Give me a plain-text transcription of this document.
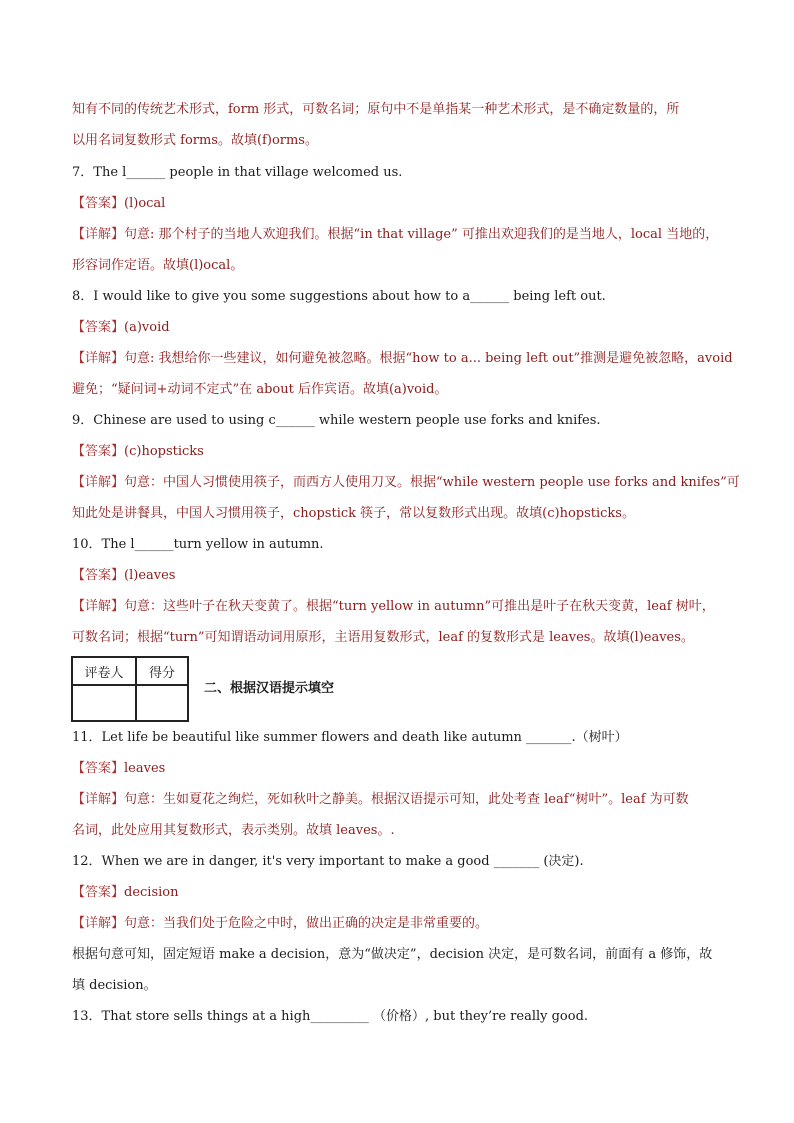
知有不同的传统艺术形式，form 形式，可数名词；原句中不是单指某一种艺术形式，是不确定数量的，所
以用名词复数形式 forms。故填(f)orms。
7．The l______ people in that village welcomed us.
【答案】(l)ocal
【详解】句意: 那个村子的当地人欢迎我们。根据“in that village” 可推出欢迎我们的是当地人，local 当地的，
形容词作定语。故填(l)ocal。
8．I would like to give you some suggestions about how to a______ being left out.
【答案】(a)void
【详解】句意: 我想给你一些建议，如何避免被忽略。根据“how to a... being left out”推测是避免被忽略，avoid
避免；“疑问词+动词不定式”在 about 后作宾语。故填(a)void。
9．Chinese are used to using c______ while western people use forks and knifes.
【答案】(c)hopsticks
【详解】句意：中国人习惯使用筷子，而西方人使用刀叉。根据“while western people use forks and knifes”可
知此处是讲餐具，中国人习惯用筷子，chopstick 筷子，常以复数形式出现。故填(c)hopsticks。
10．The l______turn yellow in autumn.
【答案】(l)eaves
【详解】句意：这些叶子在秋天变黄了。根据“turn yellow in autumn”可推出是叶子在秋天变黄，leaf 树叶，
可数名词；根据“turn”可知谓语动词用原形，主语用复数形式，leaf 的复数形式是 leaves。故填(l)eaves。
评卷人	得分

二、根据汉语提示填空
11．Let life be beautiful like summer flowers and death like autumn _______.（树叶）
【答案】leaves
【详解】句意：生如夏花之绚烂，死如秋叶之静美。根据汉语提示可知，此处考查 leaf“树叶”。leaf 为可数
名词，此处应用其复数形式，表示类别。故填 leaves。.
12．When we are in danger, it's very important to make a good _______ (决定).
【答案】decision
【详解】句意：当我们处于危险之中时，做出正确的决定是非常重要的。
根据句意可知，固定短语 make a decision，意为“做决定”，decision 决定，是可数名词，前面有 a 修饰，故
填 decision。
13．That store sells things at a high_________ （价格）, but they’re really good.
